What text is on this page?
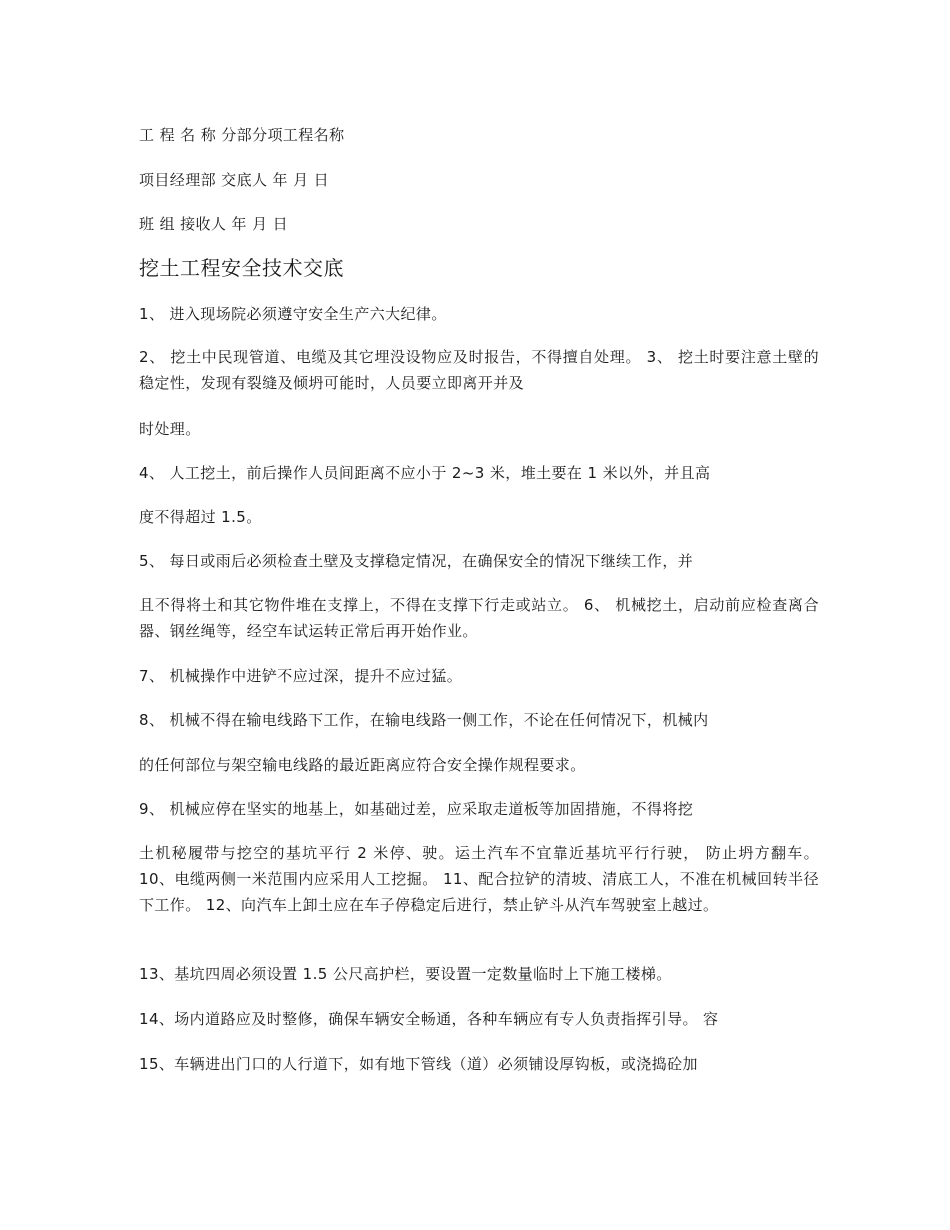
工 程 名 称 分部分项工程名称
项目经理部 交底人 年 月 日
班 组 接收人 年 月 日
挖土工程安全技术交底
1、 进入现场院必须遵守安全生产六大纪律。
2、 挖土中民现管道、电缆及其它埋没设物应及时报告，不得擅自处理。 3、 挖土时要注意土壁的稳定性，发现有裂缝及倾坍可能时，人员要立即离开并及
时处理。
4、 人工挖土，前后操作人员间距离不应小于 2~3 米，堆土要在 1 米以外，并且高
度不得超过 1.5。
5、 每日或雨后必须检查土壁及支撑稳定情况，在确保安全的情况下继续工作，并
且不得将土和其它物件堆在支撑上，不得在支撑下行走或站立。 6、 机械挖土，启动前应检查离合器、钢丝绳等，经空车试运转正常后再开始作业。
7、 机械操作中进铲不应过深，提升不应过猛。
8、 机械不得在输电线路下工作，在输电线路一侧工作，不论在任何情况下，机械内
的任何部位与架空输电线路的最近距离应符合安全操作规程要求。
9、 机械应停在坚实的地基上，如基础过差，应采取走道板等加固措施，不得将挖
土机秘履带与挖空的基坑平行 2 米停、驶。运土汽车不宜靠近基坑平行行驶， 防止坍方翻车。 10、电缆两侧一米范围内应采用人工挖掘。 11、配合拉铲的清坡、清底工人，不准在机械回转半径下工作。 12、向汽车上卸土应在车子停稳定后进行，禁止铲斗从汽车驾驶室上越过。
13、基坑四周必须设置 1.5 公尺高护栏，要设置一定数量临时上下施工楼梯。
14、场内道路应及时整修，确保车辆安全畅通，各种车辆应有专人负责指挥引导。 容
15、车辆进出门口的人行道下，如有地下管线（道）必须铺设厚钩板，或浇捣砼加
